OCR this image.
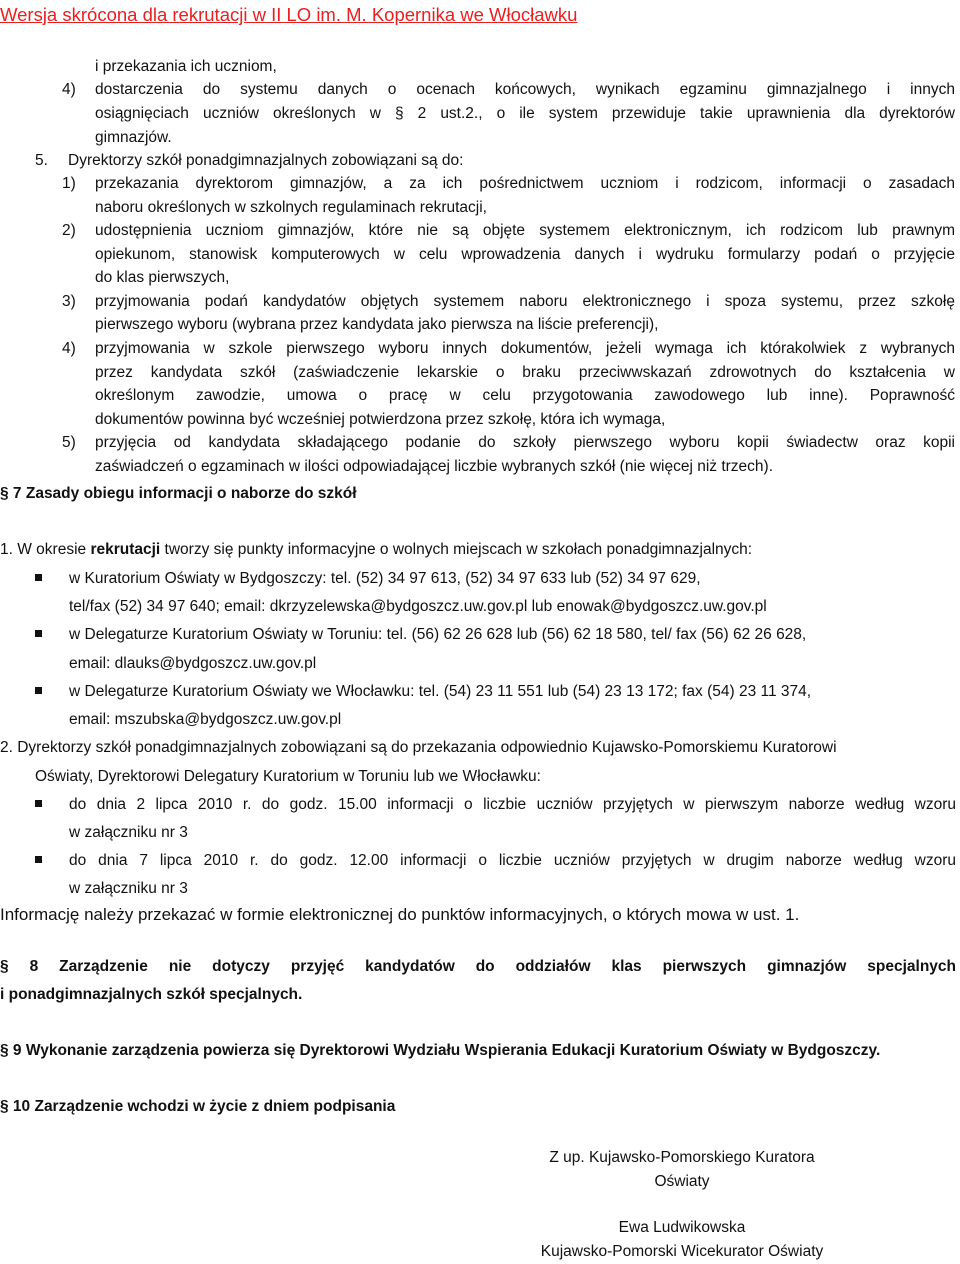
Wersja skrócona dla rekrutacji w II LO im. M. Kopernika we Włocławku
i przekazania ich uczniom,
4) dostarczenia do systemu danych o ocenach końcowych, wynikach egzaminu gimnazjalnego i innych
osiągnięciach uczniów określonych w § 2 ust.2., o ile system przewiduje takie uprawnienia dla dyrektorów
gimnazjów.
5. Dyrektorzy szkół ponadgimnazjalnych zobowiązani są do:
1) przekazania dyrektorom gimnazjów, a za ich pośrednictwem uczniom i rodzicom, informacji o zasadach
naboru określonych w szkolnych regulaminach rekrutacji,
2) udostępnienia uczniom gimnazjów, które nie są objęte systemem elektronicznym, ich rodzicom lub prawnym
opiekunom, stanowisk komputerowych w celu wprowadzenia danych i wydruku formularzy podań o przyjęcie
do klas pierwszych,
3) przyjmowania podań kandydatów objętych systemem naboru elektronicznego i spoza systemu, przez szkołę
pierwszego wyboru (wybrana przez kandydata jako pierwsza na liście preferencji),
4) przyjmowania w szkole pierwszego wyboru innych dokumentów, jeżeli wymaga ich którakolwiek z wybranych
przez kandydata szkół (zaświadczenie lekarskie o braku przeciwwskazań zdrowotnych do kształcenia w
określonym zawodzie, umowa o pracę w celu przygotowania zawodowego lub inne). Poprawność
dokumentów powinna być wcześniej potwierdzona przez szkołę, która ich wymaga,
5) przyjęcia od kandydata składającego podanie do szkoły pierwszego wyboru kopii świadectw oraz kopii
zaświadczeń o egzaminach w ilości odpowiadającej liczbie wybranych szkół (nie więcej niż trzech).
§ 7 Zasady obiegu informacji o naborze do szkół
1. W okresie rekrutacji tworzy się punkty informacyjne o wolnych miejscach w szkołach ponadgimnazjalnych:
w Kuratorium Oświaty w Bydgoszczy: tel. (52) 34 97 613, (52) 34 97 633 lub (52) 34 97 629,
tel/fax (52) 34 97 640; email: dkrzyzelewska@bydgoszcz.uw.gov.pl lub enowak@bydgoszcz.uw.gov.pl
w Delegaturze Kuratorium Oświaty w Toruniu: tel. (56) 62 26 628 lub (56) 62 18 580, tel/ fax (56) 62 26 628,
email: dlauks@bydgoszcz.uw.gov.pl
w Delegaturze Kuratorium Oświaty we Włocławku: tel. (54) 23 11 551 lub (54) 23 13 172; fax (54) 23 11 374,
email: mszubska@bydgoszcz.uw.gov.pl
2. Dyrektorzy szkół ponadgimnazjalnych zobowiązani są do przekazania odpowiednio Kujawsko-Pomorskiemu Kuratorowi
Oświaty, Dyrektorowi Delegatury Kuratorium w Toruniu lub we Włocławku:
do dnia 2 lipca 2010 r. do godz. 15.00 informacji o liczbie uczniów przyjętych w pierwszym naborze według wzoru
w załączniku nr 3
do dnia 7 lipca 2010 r. do godz. 12.00 informacji o liczbie uczniów przyjętych w drugim naborze według wzoru
w załączniku nr 3
Informację należy przekazać w formie elektronicznej do punktów informacyjnych, o których mowa w ust. 1.
§ 8 Zarządzenie nie dotyczy przyjęć kandydatów do oddziałów klas pierwszych gimnazjów specjalnych
i ponadgimnazjalnych szkół specjalnych.
§ 9 Wykonanie zarządzenia powierza się Dyrektorowi Wydziału Wspierania Edukacji Kuratorium Oświaty w Bydgoszczy.
§ 10 Zarządzenie wchodzi w życie z dniem podpisania
Z up. Kujawsko-Pomorskiego Kuratora
Oświaty
Ewa Ludwikowska
Kujawsko-Pomorski Wicekurator Oświaty
